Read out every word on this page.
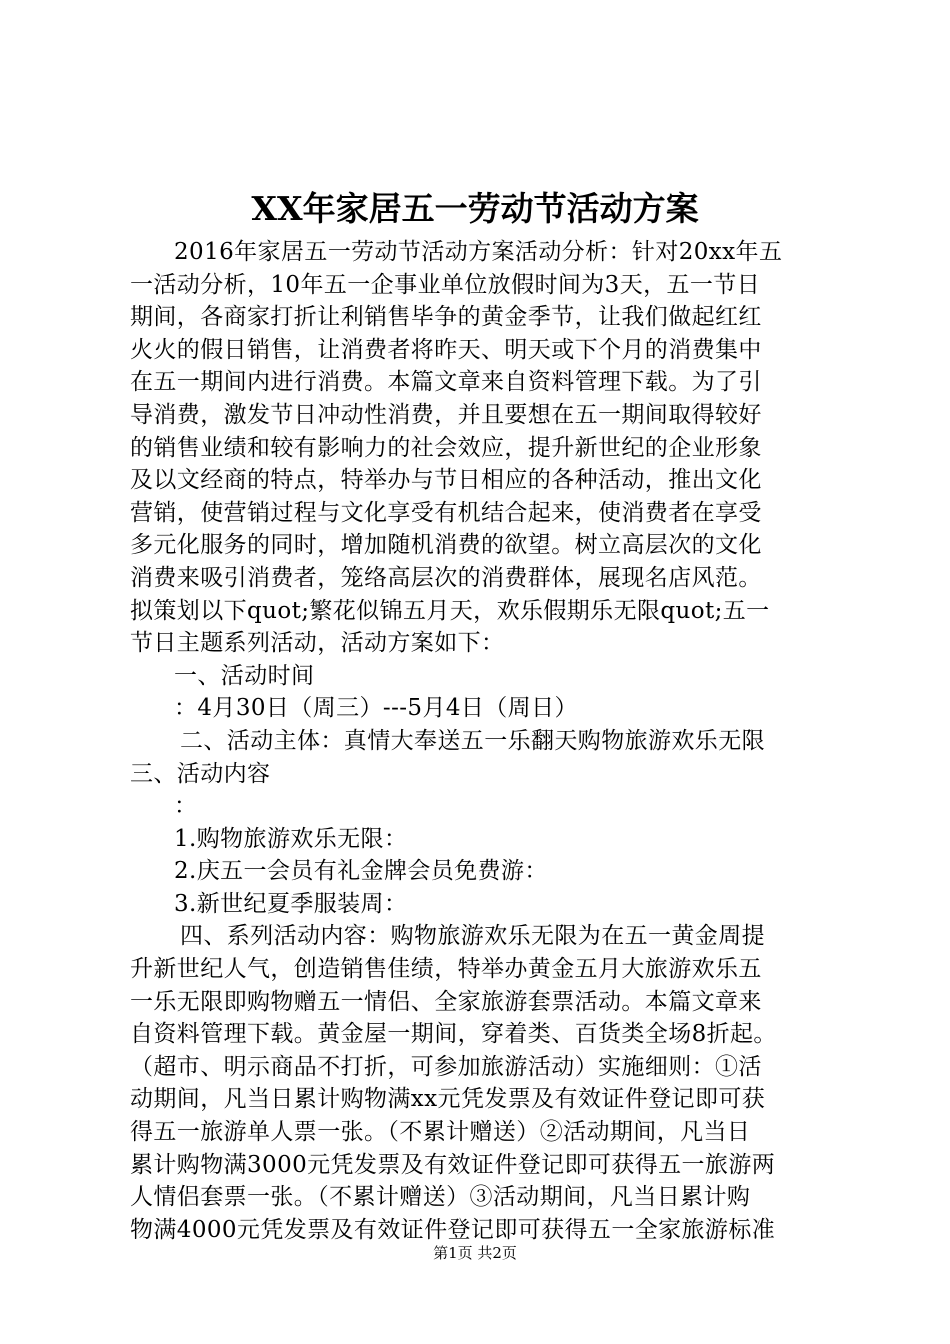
XX年家居五一劳动节活动方案
2016年家居五一劳动节活动方案活动分析：针对20xx年五
一活动分析，10年五一企事业单位放假时间为3天，五一节日
期间，各商家打折让利销售毕争的黄金季节，让我们做起红红
火火的假日销售，让消费者将昨天、明天或下个月的消费集中
在五一期间内进行消费。本篇文章来自资料管理下载。为了引
导消费，激发节日冲动性消费，并且要想在五一期间取得较好
的销售业绩和较有影响力的社会效应，提升新世纪的企业形象
及以文经商的特点，特举办与节日相应的各种活动，推出文化
营销，使营销过程与文化享受有机结合起来，使消费者在享受
多元化服务的同时，增加随机消费的欲望。树立高层次的文化
消费来吸引消费者，笼络高层次的消费群体，展现名店风范。
拟策划以下quot;繁花似锦五月天，欢乐假期乐无限quot;五一
节日主题系列活动，活动方案如下：
一、活动时间
：4月30日（周三）---5月4日（周日）
二、活动主体：真情大奉送五一乐翻天购物旅游欢乐无限
三、活动内容
：
1.购物旅游欢乐无限：
2.庆五一会员有礼金牌会员免费游：
3.新世纪夏季服装周：
四、系列活动内容：购物旅游欢乐无限为在五一黄金周提
升新世纪人气，创造销售佳绩，特举办黄金五月大旅游欢乐五
一乐无限即购物赠五一情侣、全家旅游套票活动。本篇文章来
自资料管理下载。黄金屋一期间，穿着类、百货类全场8折起。
（超市、明示商品不打折，可参加旅游活动）实施细则：①活
动期间，凡当日累计购物满xx元凭发票及有效证件登记即可获
得五一旅游单人票一张。（不累计赠送）②活动期间，凡当日
累计购物满3000元凭发票及有效证件登记即可获得五一旅游两
人情侣套票一张。（不累计赠送）③活动期间，凡当日累计购
物满4000元凭发票及有效证件登记即可获得五一全家旅游标准
第1页 共2页
